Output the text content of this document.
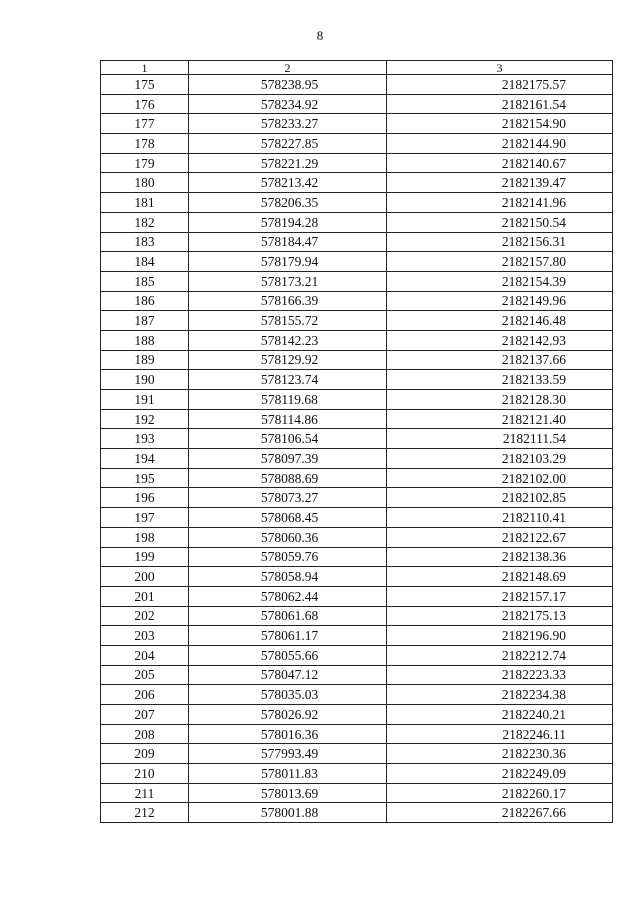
8
1	2	3
175	578238.95	2182175.57
176	578234.92	2182161.54
177	578233.27	2182154.90
178	578227.85	2182144.90
179	578221.29	2182140.67
180	578213.42	2182139.47
181	578206.35	2182141.96
182	578194.28	2182150.54
183	578184.47	2182156.31
184	578179.94	2182157.80
185	578173.21	2182154.39
186	578166.39	2182149.96
187	578155.72	2182146.48
188	578142.23	2182142.93
189	578129.92	2182137.66
190	578123.74	2182133.59
191	578119.68	2182128.30
192	578114.86	2182121.40
193	578106.54	2182111.54
194	578097.39	2182103.29
195	578088.69	2182102.00
196	578073.27	2182102.85
197	578068.45	2182110.41
198	578060.36	2182122.67
199	578059.76	2182138.36
200	578058.94	2182148.69
201	578062.44	2182157.17
202	578061.68	2182175.13
203	578061.17	2182196.90
204	578055.66	2182212.74
205	578047.12	2182223.33
206	578035.03	2182234.38
207	578026.92	2182240.21
208	578016.36	2182246.11
209	577993.49	2182230.36
210	578011.83	2182249.09
211	578013.69	2182260.17
212	578001.88	2182267.66
